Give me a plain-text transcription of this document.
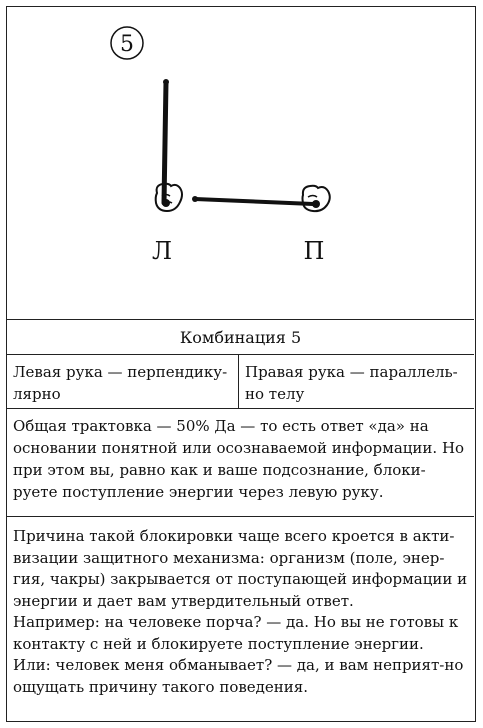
5
Л	П
Комбинация 5
Левая рука — перпендику-лярно
Правая рука — параллель-но телу
Общая трактовка — 50% Да — то есть ответ «да» на основании понятной или осознаваемой информации. Но при этом вы, равно как и ваше подсознание, блоки-руете поступление энергии через левую руку.

Причина такой блокировки чаще всего кроется в акти-визации защитного механизма: организм (поле, энер-гия, чакры) закрывается от поступающей информации и энергии и дает вам утвердительный ответ.

Например: на человеке порча? — да. Но вы не готовы к контакту с ней и блокируете поступление энергии.

Или: человек меня обманывает? — да, и вам неприят-но ощущать причину такого поведения.
